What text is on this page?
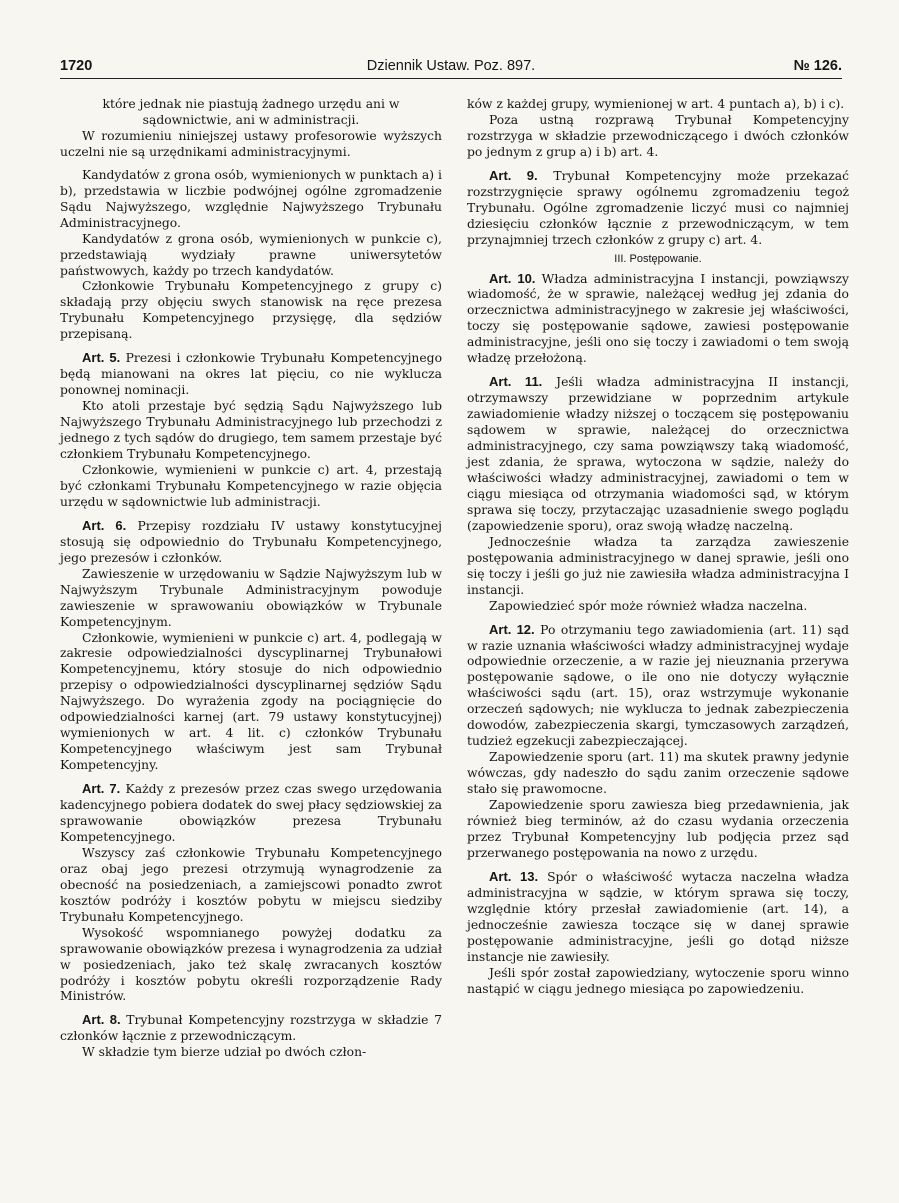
1720	Dziennik Ustaw. Poz. 897.	№ 126.

które jednak nie piastują żadnego urzędu ani w sądownictwie, ani w administracji.

W rozumieniu niniejszej ustawy profesorowie wyższych uczelni nie są urzędnikami administracyjnymi.

Kandydatów z grona osób, wymienionych w punktach a) i b), przedstawia w liczbie podwójnej ogólne zgromadzenie Sądu Najwyższego, względnie Najwyższego Trybunału Administracyjnego.

Kandydatów z grona osób, wymienionych w punkcie c), przedstawiają wydziały prawne uniwersytetów państwowych, każdy po trzech kandydatów.

Członkowie Trybunału Kompetencyjnego z grupy c) składają przy objęciu swych stanowisk na ręce prezesa Trybunału Kompetencyjnego przysięgę, dla sędziów przepisaną.

Art. 5. Prezesi i członkowie Trybunału Kompetencyjnego będą mianowani na okres lat pięciu, co nie wyklucza ponownej nominacji.

Kto atoli przestaje być sędzią Sądu Najwyższego lub Najwyższego Trybunału Administracyjnego lub przechodzi z jednego z tych sądów do drugiego, tem samem przestaje być członkiem Trybunału Kompetencyjnego.

Członkowie, wymienieni w punkcie c) art. 4, przestają być członkami Trybunału Kompetencyjnego w razie objęcia urzędu w sądownictwie lub administracji.

Art. 6. Przepisy rozdziału IV ustawy konstytucyjnej stosują się odpowiednio do Trybunału Kompetencyjnego, jego prezesów i członków.

Zawieszenie w urzędowaniu w Sądzie Najwyższym lub w Najwyższym Trybunale Administracyjnym powoduje zawieszenie w sprawowaniu obowiązków w Trybunale Kompetencyjnym.

Członkowie, wymienieni w punkcie c) art. 4, podlegają w zakresie odpowiedzialności dyscyplinarnej Trybunałowi Kompetencyjnemu, który stosuje do nich odpowiednio przepisy o odpowiedzialności dyscyplinarnej sędziów Sądu Najwyższego. Do wyrażenia zgody na pociągnięcie do odpowiedzialności karnej (art. 79 ustawy konstytucyjnej) wymienionych w art. 4 lit. c) członków Trybunału Kompetencyjnego właściwym jest sam Trybunał Kompetencyjny.

Art. 7. Każdy z prezesów przez czas swego urzędowania kadencyjnego pobiera dodatek do swej płacy sędziowskiej za sprawowanie obowiązków prezesa Trybunału Kompetencyjnego.

Wszyscy zaś członkowie Trybunału Kompetencyjnego oraz obaj jego prezesi otrzymują wynagrodzenie za obecność na posiedzeniach, a zamiejscowi ponadto zwrot kosztów podróży i kosztów pobytu w miejscu siedziby Trybunału Kompetencyjnego.

Wysokość wspomnianego powyżej dodatku za sprawowanie obowiązków prezesa i wynagrodzenia za udział w posiedzeniach, jako też skalę zwracanych kosztów podróży i kosztów pobytu określi rozporządzenie Rady Ministrów.

Art. 8. Trybunał Kompetencyjny rozstrzyga w składzie 7 członków łącznie z przewodniczącym.

W składzie tym bierze udział po dwóch człon-

ków z każdej grupy, wymienionej w art. 4 puntach a), b) i c).

Poza ustną rozprawą Trybunał Kompetencyjny rozstrzyga w składzie przewodniczącego i dwóch członków po jednym z grup a) i b) art. 4.

Art. 9. Trybunał Kompetencyjny może przekazać rozstrzygnięcie sprawy ogólnemu zgromadzeniu tegoż Trybunału. Ogólne zgromadzenie liczyć musi co najmniej dziesięciu członków łącznie z przewodniczącym, w tem przynajmniej trzech członków z grupy c) art. 4.

III. Postępowanie.

Art. 10. Władza administracyjna I instancji, powziąwszy wiadomość, że w sprawie, należącej według jej zdania do orzecznictwa administracyjnego w zakresie jej właściwości, toczy się postępowanie sądowe, zawiesi postępowanie administracyjne, jeśli ono się toczy i zawiadomi o tem swoją władzę przełożoną.

Art. 11. Jeśli władza administracyjna II instancji, otrzymawszy przewidziane w poprzednim artykule zawiadomienie władzy niższej o toczącem się postępowaniu sądowem w sprawie, należącej do orzecznictwa administracyjnego, czy sama powziąwszy taką wiadomość, jest zdania, że sprawa, wytoczona w sądzie, należy do właściwości władzy administracyjnej, zawiadomi o tem w ciągu miesiąca od otrzymania wiadomości sąd, w którym sprawa się toczy, przytaczając uzasadnienie swego poglądu (zapowiedzenie sporu), oraz swoją władzę naczelną.

Jednocześnie władza ta zarządza zawieszenie postępowania administracyjnego w danej sprawie, jeśli ono się toczy i jeśli go już nie zawiesiła władza administracyjna I instancji.

Zapowiedzieć spór może również władza naczelna.

Art. 12. Po otrzymaniu tego zawiadomienia (art. 11) sąd w razie uznania właściwości władzy administracyjnej wydaje odpowiednie orzeczenie, a w razie jej nieuznania przerywa postępowanie sądowe, o ile ono nie dotyczy wyłącznie właściwości sądu (art. 15), oraz wstrzymuje wykonanie orzeczeń sądowych; nie wyklucza to jednak zabezpieczenia dowodów, zabezpieczenia skargi, tymczasowych zarządzeń, tudzież egzekucji zabezpieczającej.

Zapowiedzenie sporu (art. 11) ma skutek prawny jedynie wówczas, gdy nadeszło do sądu zanim orzeczenie sądowe stało się prawomocne.

Zapowiedzenie sporu zawiesza bieg przedawnienia, jak również bieg terminów, aż do czasu wydania orzeczenia przez Trybunał Kompetencyjny lub podjęcia przez sąd przerwanego postępowania na nowo z urzędu.

Art. 13. Spór o właściwość wytacza naczelna władza administracyjna w sądzie, w którym sprawa się toczy, względnie który przesłał zawiadomienie (art. 14), a jednocześnie zawiesza toczące się w danej sprawie postępowanie administracyjne, jeśli go dotąd niższe instancje nie zawiesiły.

Jeśli spór został zapowiedziany, wytoczenie sporu winno nastąpić w ciągu jednego miesiąca po zapowiedzeniu.
